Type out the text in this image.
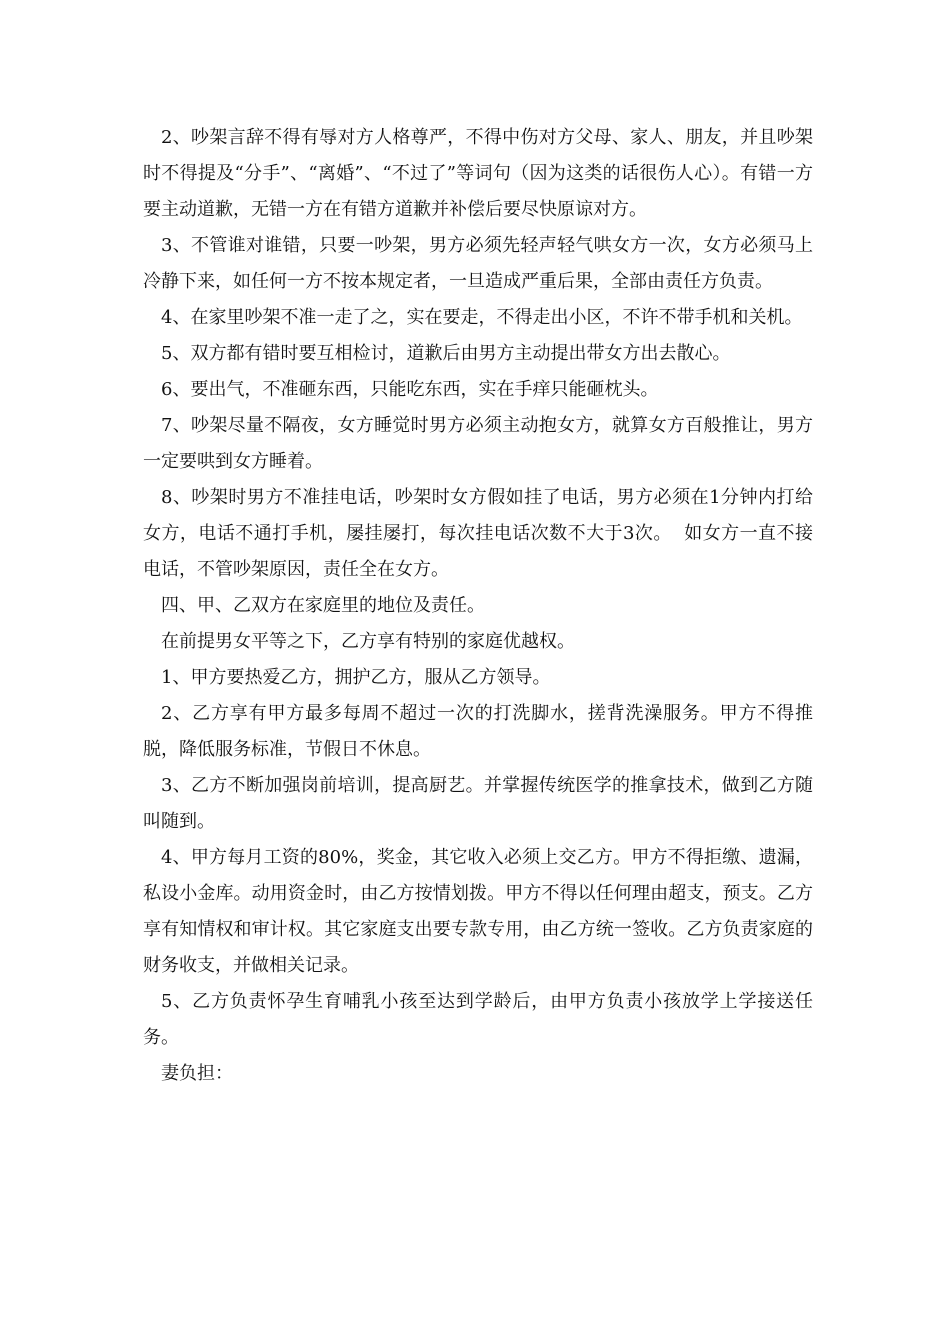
2、吵架言辞不得有辱对方人格尊严，不得中伤对方父母、家人、朋友，并且吵架时不得提及“分手”、“离婚”、“不过了”等词句（因为这类的话很伤人心）。有错一方要主动道歉，无错一方在有错方道歉并补偿后要尽快原谅对方。

3、不管谁对谁错，只要一吵架，男方必须先轻声轻气哄女方一次，女方必须马上冷静下来，如任何一方不按本规定者，一旦造成严重后果，全部由责任方负责。

4、在家里吵架不准一走了之，实在要走，不得走出小区，不许不带手机和关机。

5、双方都有错时要互相检讨，道歉后由男方主动提出带女方出去散心。

6、要出气，不准砸东西，只能吃东西，实在手痒只能砸枕头。

7、吵架尽量不隔夜，女方睡觉时男方必须主动抱女方，就算女方百般推让，男方一定要哄到女方睡着。

8、吵架时男方不准挂电话，吵架时女方假如挂了电话，男方必须在1分钟内打给女方，电话不通打手机，屡挂屡打，每次挂电话次数不大于3次。  如女方一直不接电话，不管吵架原因，责任全在女方。

四、甲、乙双方在家庭里的地位及责任。

在前提男女平等之下，乙方享有特别的家庭优越权。

1、甲方要热爱乙方，拥护乙方，服从乙方领导。

2、乙方享有甲方最多每周不超过一次的打洗脚水，搓背洗澡服务。甲方不得推脱，降低服务标准，节假日不休息。

3、乙方不断加强岗前培训，提高厨艺。并掌握传统医学的推拿技术，做到乙方随叫随到。

4、甲方每月工资的80%，奖金，其它收入必须上交乙方。甲方不得拒缴、遗漏，私设小金库。动用资金时，由乙方按情划拨。甲方不得以任何理由超支，预支。乙方享有知情权和审计权。其它家庭支出要专款专用，由乙方统一签收。乙方负责家庭的财务收支，并做相关记录。

5、乙方负责怀孕生育哺乳小孩至达到学龄后，由甲方负责小孩放学上学接送任务。

妻负担：
